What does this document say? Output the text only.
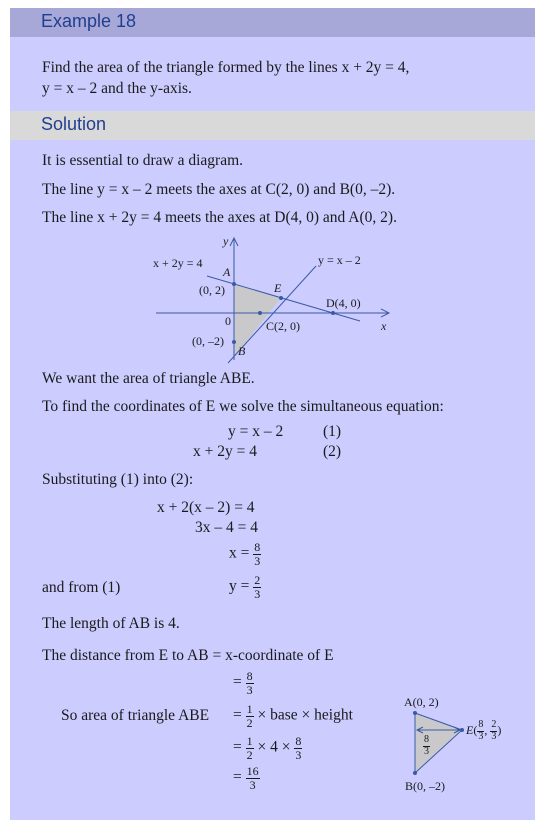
Example 18
Find the area of the triangle formed by the lines x + 2y = 4,
y = x – 2 and the y-axis.
Solution
It is essential to draw a diagram.
The line y = x – 2 meets the axes at C(2, 0) and B(0, –2).
The line x + 2y = 4 meets the axes at D(4, 0) and A(0, 2).
y
x
x + 2y = 4	y = x – 2
A
E
(0, 2)
0	C(2, 0)
D(4, 0)
(0, –2)
B
We want the area of triangle ABE.
To find the coordinates of E we solve the simultaneous equation:
y = x – 2	(1)
x + 2y = 4	(2)
Substituting (1) into (2):
x + 2(x – 2) = 4
3x – 4 = 4
$x = \frac{8}{3}$
and from (1)	$y = \frac{2}{3}$
The length of AB is 4.
The distance from E to AB = x-coordinate of E
= $\frac{8}{3}$
So area of triangle ABE = $\frac{1}{2}$ × base × height
= $\frac{1}{2} \times 4 \times \frac{8}{3}$
= $\frac{16}{3}$
A(0, 2)
B(0, –2)
$\frac{8}{3}$
$E( \frac{8}{3}$ , $\frac{2}{3}$ )
